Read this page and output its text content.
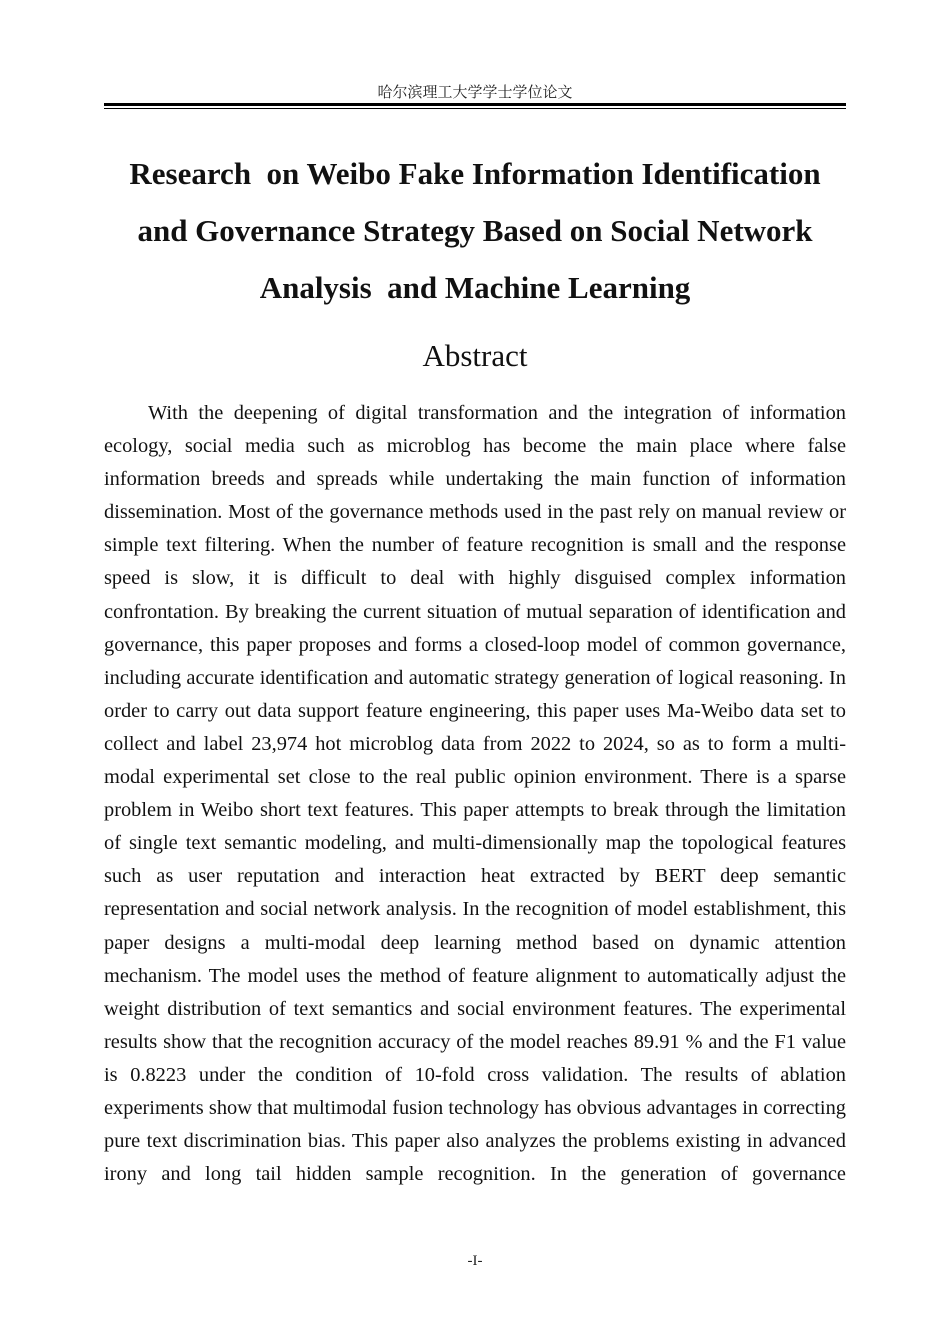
哈尔滨理工大学学士学位论文
Research  on Weibo Fake Information Identification and Governance Strategy Based on Social Network Analysis  and Machine Learning
Abstract

With the deepening of digital transformation and the integration of information ecology, social media such as microblog has become the main place where false information breeds and spreads while undertaking the main function of information dissemination. Most of the governance methods used in the past rely on manual review or simple text filtering. When the number of feature recognition is small and the response speed is slow, it is difficult to deal with highly disguised complex information confrontation. By breaking the current situation of mutual separation of identification and governance, this paper proposes and forms a closed-loop model of common governance, including accurate identification and automatic strategy generation of logical reasoning. In order to carry out data support feature engineering, this paper uses Ma-Weibo data set to collect and label 23,974 hot microblog data from 2022 to 2024, so as to form a multi-modal experimental set close to the real public opinion environment. There is a sparse problem in Weibo short text features. This paper attempts to break through the limitation of single text semantic modeling, and multi-dimensionally map the topological features such as user reputation and interaction heat extracted by BERT deep semantic representation and social network analysis. In the recognition of model establishment, this paper designs a multi-modal deep learning method based on dynamic attention mechanism. The model uses the method of feature alignment to automatically adjust the weight distribution of text semantics and social environment features. The experimental results show that the recognition accuracy of the model reaches 89.91 % and the F1 value is 0.8223 under the condition of 10-fold cross validation. The results of ablation experiments show that multimodal fusion technology has obvious advantages in correcting pure text discrimination bias. This paper also analyzes the problems existing in advanced irony and long tail hidden sample recognition. In the generation of governance

-I-
